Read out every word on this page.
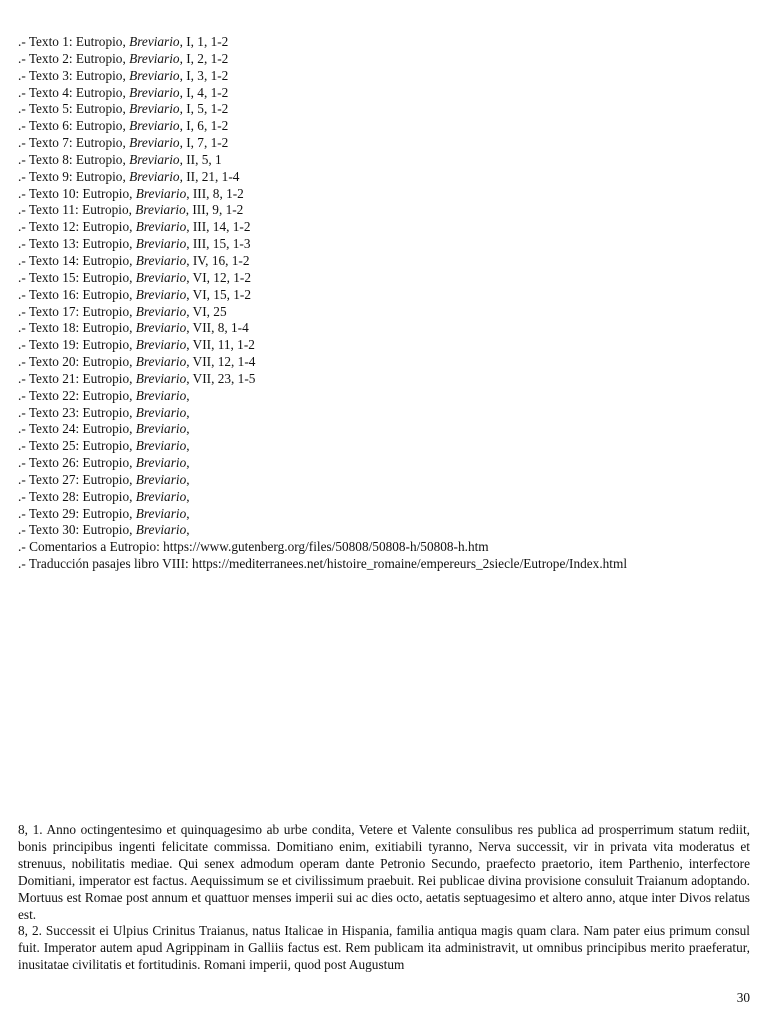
.- Texto 1: Eutropio, Breviario, I, 1, 1-2
.- Texto 2: Eutropio, Breviario, I, 2, 1-2
.- Texto 3: Eutropio, Breviario, I, 3, 1-2
.- Texto 4: Eutropio, Breviario, I, 4, 1-2
.- Texto 5: Eutropio, Breviario, I, 5, 1-2
.- Texto 6: Eutropio, Breviario, I, 6, 1-2
.- Texto 7: Eutropio, Breviario, I, 7, 1-2
.- Texto 8: Eutropio, Breviario, II, 5, 1
.- Texto 9: Eutropio, Breviario, II, 21, 1-4
.- Texto 10: Eutropio, Breviario, III, 8, 1-2
.- Texto 11: Eutropio, Breviario, III, 9, 1-2
.- Texto 12: Eutropio, Breviario, III, 14, 1-2
.- Texto 13: Eutropio, Breviario, III, 15, 1-3
.- Texto 14: Eutropio, Breviario, IV, 16, 1-2
.- Texto 15: Eutropio, Breviario, VI, 12, 1-2
.- Texto 16: Eutropio, Breviario, VI, 15, 1-2
.- Texto 17: Eutropio, Breviario, VI, 25
.- Texto 18: Eutropio, Breviario, VII, 8, 1-4
.- Texto 19: Eutropio, Breviario, VII, 11, 1-2
.- Texto 20: Eutropio, Breviario, VII, 12, 1-4
.- Texto 21: Eutropio, Breviario, VII, 23, 1-5
.- Texto 22: Eutropio, Breviario,
.- Texto 23: Eutropio, Breviario,
.- Texto 24: Eutropio, Breviario,
.- Texto 25: Eutropio, Breviario,
.- Texto 26: Eutropio, Breviario,
.- Texto 27: Eutropio, Breviario,
.- Texto 28: Eutropio, Breviario,
.- Texto 29: Eutropio, Breviario,
.- Texto 30: Eutropio, Breviario,
.- Comentarios a Eutropio: https://www.gutenberg.org/files/50808/50808-h/50808-h.htm
.- Traducción pasajes libro VIII: https://mediterranees.net/histoire_romaine/empereurs_2siecle/Eutrope/Index.html

8, 1. Anno octingentesimo et quinquagesimo ab urbe condita, Vetere et Valente consulibus res publica ad prosperrimum statum rediit, bonis principibus ingenti felicitate commissa. Domitiano enim, exitiabili tyranno, Nerva successit, vir in privata vita moderatus et strenuus, nobilitatis mediae. Qui senex admodum operam dante Petronio Secundo, praefecto praetorio, item Parthenio, interfectore Domitiani, imperator est factus. Aequissimum se et civilissimum praebuit. Rei publicae divina provisione consuluit Traianum adoptando. Mortuus est Romae post annum et quattuor menses imperii sui ac dies octo, aetatis septuagesimo et altero anno, atque inter Divos relatus est.

8, 2. Successit ei Ulpius Crinitus Traianus, natus Italicae in Hispania, familia antiqua magis quam clara. Nam pater eius primum consul fuit. Imperator autem apud Agrippinam in Galliis factus est. Rem publicam ita administravit, ut omnibus principibus merito praeferatur, inusitatae civilitatis et fortitudinis. Romani imperii, quod post Augustum

30
